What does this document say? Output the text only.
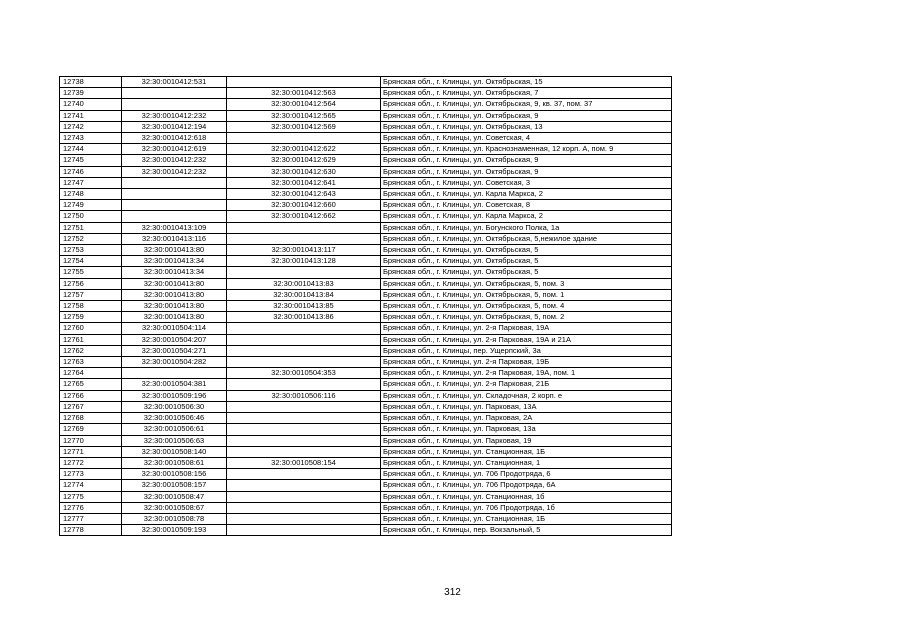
12738	32:30:0010412:531		Брянская обл., г. Клинцы, ул. Октябрьская, 15
12739		32:30:0010412:563	Брянская обл., г. Клинцы, ул. Октябрьская, 7
12740		32:30:0010412:564	Брянская обл., г. Клинцы, ул. Октябрьская, 9, кв. 37, пом. 37
12741	32:30:0010412:232	32:30:0010412:565	Брянская обл., г. Клинцы, ул. Октябрьская, 9
12742	32:30:0010412:194	32:30:0010412:569	Брянская обл., г. Клинцы, ул. Октябрьская, 13
12743	32:30:0010412:618		Брянская обл., г. Клинцы, ул. Советская, 4
12744	32:30:0010412:619	32:30:0010412:622	Брянская обл., г. Клинцы, ул. Краснознаменная, 12 корп. А, пом. 9
12745	32:30:0010412:232	32:30:0010412:629	Брянская обл., г. Клинцы, ул. Октябрьская, 9
12746	32:30:0010412:232	32:30:0010412:630	Брянская обл., г. Клинцы, ул. Октябрьская, 9
12747		32:30:0010412:641	Брянская обл., г. Клинцы, ул. Советская, 3
12748		32:30:0010412:643	Брянская обл., г. Клинцы, ул. Карла Маркса, 2
12749		32:30:0010412:660	Брянская обл., г. Клинцы, ул. Советская, 8
12750		32:30:0010412:662	Брянская обл., г. Клинцы, ул. Карла Маркса, 2
12751	32:30:0010413:109		Брянская обл., г. Клинцы, ул. Богунского Полка, 1а
12752	32:30:0010413:116		Брянская обл., г. Клинцы, ул. Октябрьская, 5,нежилое здание
12753	32:30:0010413:80	32:30:0010413:117	Брянская обл., г. Клинцы, ул. Октябрьская, 5
12754	32:30:0010413:34	32:30:0010413:128	Брянская обл., г. Клинцы, ул. Октябрьская, 5
12755	32:30:0010413:34		Брянская обл., г. Клинцы, ул. Октябрьская, 5
12756	32:30:0010413:80	32:30:0010413:83	Брянская обл., г. Клинцы, ул. Октябрьская, 5, пом. 3
12757	32:30:0010413:80	32:30:0010413:84	Брянская обл., г. Клинцы, ул. Октябрьская, 5, пом. 1
12758	32:30:0010413:80	32:30:0010413:85	Брянская обл., г. Клинцы, ул. Октябрьская, 5, пом. 4
12759	32:30:0010413:80	32:30:0010413:86	Брянская обл., г. Клинцы, ул. Октябрьская, 5, пом. 2
12760	32:30:0010504:114		Брянская обл., г. Клинцы, ул. 2-я Парковая, 19А
12761	32:30:0010504:207		Брянская обл., г. Клинцы, ул. 2-я Парковая, 19А и 21А
12762	32:30:0010504:271		Брянская обл., г. Клинцы, пер. Ущерпский, 3а
12763	32:30:0010504:282		Брянская обл., г. Клинцы, ул. 2-я Парковая, 19Б
12764		32:30:0010504:353	Брянская обл., г. Клинцы, ул. 2-я Парковая, 19А, пом. 1
12765	32:30:0010504:381		Брянская обл., г. Клинцы, ул. 2-я Парковая, 21Б
12766	32:30:0010509:196	32:30:0010506:116	Брянская обл., г. Клинцы, ул. Складочная, 2 корп. е
12767	32:30:0010506:30		Брянская обл., г. Клинцы, ул. Парковая, 13А
12768	32:30:0010506:46		Брянская обл., г. Клинцы, ул. Парковая, 2А
12769	32:30:0010506:61		Брянская обл., г. Клинцы, ул. Парковая, 13а
12770	32:30:0010506:63		Брянская обл., г. Клинцы, ул. Парковая, 19
12771	32:30:0010508:140		Брянская обл., г. Клинцы, ул. Станционная, 1Б
12772	32:30:0010508:61	32:30:0010508:154	Брянская обл., г. Клинцы, ул. Станционная, 1
12773	32:30:0010508:156		Брянская обл., г. Клинцы, ул. 706 Продотряда, 6
12774	32:30:0010508:157		Брянская обл., г. Клинцы, ул. 706 Продотряда, 6А
12775	32:30:0010508:47		Брянская обл., г. Клинцы, ул. Станционная, 1б
12776	32:30:0010508:67		Брянская обл., г. Клинцы, ул. 706 Продотряда, 1б
12777	32:30:0010508:78		Брянская обл., г. Клинцы, ул. Станционная, 1Б
12778	32:30:0010509:193		Брянская обл., г. Клинцы, пер. Вокзальный, 5
312
